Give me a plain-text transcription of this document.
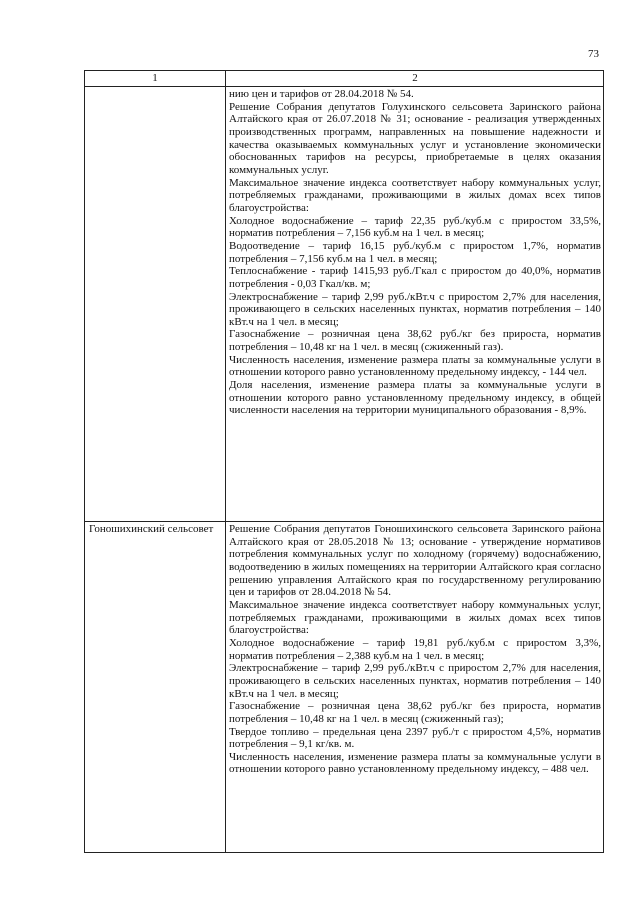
73
1	2

нию цен и тарифов от 28.04.2018 № 54.

Решение Собрания депутатов Голухинского сельсовета Заринского района Алтайского края от 26.07.2018 № 31; основание - реализация утвержденных производственных программ, направленных на повышение надежности и качества оказываемых коммунальных услуг и установление экономически обоснованных тарифов на ресурсы, приобретаемые в целях оказания коммунальных услуг.

Максимальное значение индекса соответствует набору коммунальных услуг, потребляемых гражданами, проживающими в жилых домах всех типов благоустройства:

Холодное водоснабжение – тариф 22,35 руб./куб.м с приростом 33,5%, норматив потребления – 7,156 куб.м на 1 чел. в месяц;

Водоотведение – тариф 16,15 руб./куб.м с приростом 1,7%, норматив потребления – 7,156 куб.м на 1 чел. в месяц;

Теплоснабжение - тариф 1415,93 руб./Гкал с приростом до 40,0%, норматив потребления - 0,03 Гкал/кв. м;

Электроснабжение – тариф 2,99 руб./кВт.ч с приростом 2,7% для населения, проживающего в сельских населенных пунктах, норматив потребления – 140 кВт.ч на 1 чел. в месяц;

Газоснабжение – розничная цена 38,62 руб./кг без прироста, норматив потребления – 10,48 кг на 1 чел. в месяц (сжиженный газ).

Численность населения, изменение размера платы за коммунальные услуги в отношении которого равно установленному предельному индексу, - 144 чел.

Доля населения, изменение размера платы за коммунальные услуги в отношении которого равно установленному предельному индексу, в общей численности населения на территории муниципального образования - 8,9%.

Гоношихинский сельсовет	Решение Собрания депутатов Гоношихинского сельсовета Заринского района Алтайского края от 28.05.2018 № 13; основание - утверждение нормативов потребления коммунальных услуг по холодному (горячему) водоснабжению, водоотведению в жилых помещениях на территории Алтайского края согласно решению управления Алтайского края по государственному регулированию цен и тарифов от 28.04.2018 № 54.

Максимальное значение индекса соответствует набору коммунальных услуг, потребляемых гражданами, проживающими в жилых домах всех типов благоустройства:

Холодное водоснабжение – тариф 19,81 руб./куб.м с приростом 3,3%, норматив потребления – 2,388 куб.м на 1 чел. в месяц;

Электроснабжение – тариф 2,99 руб./кВт.ч с приростом 2,7% для населения, проживающего в сельских населенных пунктах, норматив потребления – 140 кВт.ч на 1 чел. в месяц;

Газоснабжение – розничная цена 38,62 руб./кг без прироста, норматив потребления – 10,48 кг на 1 чел. в месяц (сжиженный газ);

Твердое топливо – предельная цена 2397 руб./т с приростом 4,5%, норматив потребления – 9,1 кг/кв. м.

Численность населения, изменение размера платы за коммунальные услуги в отношении которого равно установленному предельному индексу, – 488 чел.
